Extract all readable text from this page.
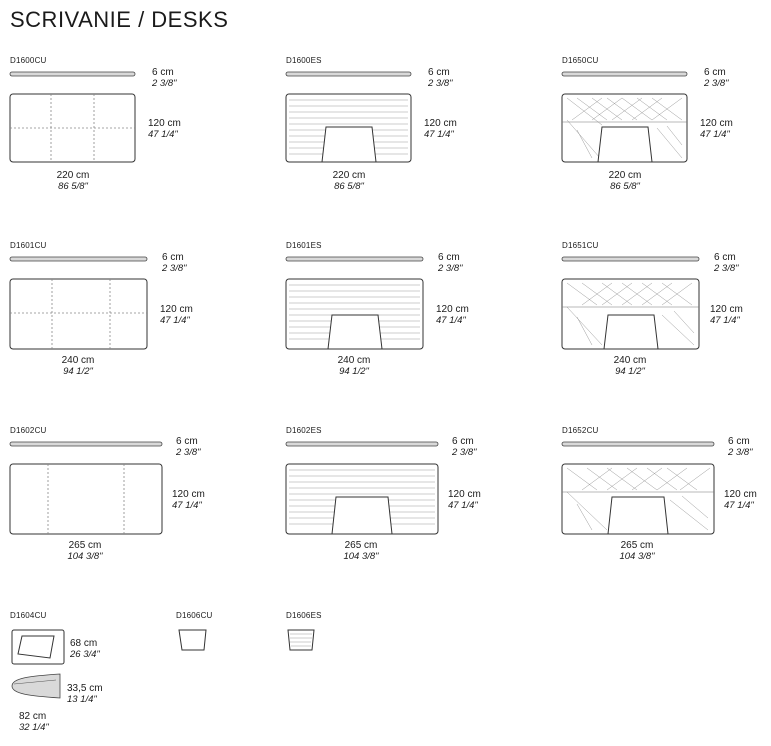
SCRIVANIE / DESKS
D1600CU
6 cm
2 3/8"
120 cm
47 1/4"
220 cm
86 5/8"
D1600ES
6 cm
2 3/8"
120 cm
47 1/4"
220 cm
86 5/8"
D1650CU
6 cm
2 3/8"
120 cm
47 1/4"
220 cm
86 5/8"
D1601CU
6 cm
2 3/8"
120 cm
47 1/4"
240 cm
94 1/2"
D1601ES
6 cm
2 3/8"
120 cm
47 1/4"
240 cm
94 1/2"
D1651CU
6 cm
2 3/8"
120 cm
47 1/4"
240 cm
94 1/2"
D1602CU
6 cm
2 3/8"
120 cm
47 1/4"
265 cm
104 3/8"
D1602ES
6 cm
2 3/8"
120 cm
47 1/4"
265 cm
104 3/8"
D1652CU
6 cm
2 3/8"
120 cm
47 1/4"
265 cm
104 3/8"
D1604CU
68 cm
26 3/4"
33,5 cm
13 1/4"
82 cm
32 1/4"
D1606CU	D1606ES
